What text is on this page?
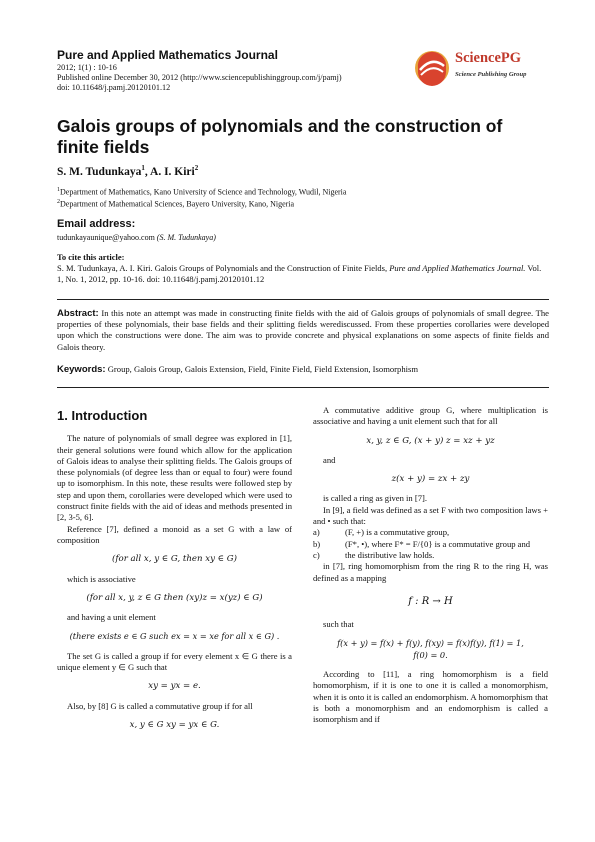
Pure and Applied Mathematics Journal
2012; 1(1) : 10-16
Published online December 30, 2012 (http://www.sciencepublishinggroup.com/j/pamj)
doi: 10.11648/j.pamj.20120101.12
SciencePG
Science Publishing Group
Galois groups of polynomials and the construction of finite fields
S. M. Tudunkaya$^1$, A. I. Kiri$^2$
$^1$Department of Mathematics, Kano University of Science and Technology, Wudil, Nigeria
$^2$Department of Mathematical Sciences, Bayero University, Kano, Nigeria
Email address:
tudunkayaunique@yahoo.com (S. M. Tudunkaya)
To cite this article:
S. M. Tudunkaya, A. I. Kiri. Galois Groups of Polynomials and the Construction of Finite Fields, Pure and Applied Mathematics Journal. Vol. 1, No. 1, 2012, pp. 10-16. doi: 10.11648/j.pamj.20120101.12
Abstract: In this note an attempt was made in constructing finite fields with the aid of Galois groups of polynomials of small degree. The properties of these polynomials, their base fields and their splitting fields werediscussed. From these properties corollaries were developed upon which the constructions were done. The aim was to provide concrete and physical explanations on some aspects of finite fields and Galois theory.
Keywords: Group, Galois Group, Galois Extension, Field, Finite Field, Field Extension, Isomorphism
1. Introduction

The nature of polynomials of small degree was explored in [1], their general solutions were found which allow for the application of Galois ideas to analyse their splitting fields. The Galois groups of these polynomials (of degree less than or equal to four) were found up to isomorphism. In this note, these results were followed step by step and upon them, corollaries were developed which were used to construct finite fields with the aid of ideas and methods presented in [2, 3-5, 6].

Reference [7], defined a monoid as a set G with a law of composition

(for all x, y ∈ G, then xy ∈ G)

which is associative

(for all x, y, z ∈ G then (xy)z = x(yz) ∈ G)

and having a unit element

(there exists e ∈ G such ex = x = xe for all x ∈ G) .

The set G is called a group if for every element x ∈ G there is a unique element y ∈ G such that

xy = yx = e.

Also, by [8] G is called a commutative group if for all

x, y ∈ G xy = yx ∈ G.

A commutative additive group G, where multiplication is associative and having a unit element such that for all

x, y, z ∈ G, (x + y) z = xz + yz

and

z(x + y) = zx + zy

is called a ring as given in [7].

In [9], a field was defined as a set F with two composition laws + and • such that:

a)	(F, +) is a commutative group,
b)	(F*, •), where F* = F/{0} is a commutative group and
c)	the distributive law holds.

in [7], ring homomorphism from the ring R to the ring H, was defined as a mapping

f : R → H

such that

f(x + y) = f(x) + f(y), f(xy) = f(x)f(y), f(1) = 1,
f(0) = 0.

According to [11], a ring homomorphism is a field homomorphism, if it is one to one it is called a monomorphism, when it is onto it is called an endomorphism. A homomorphism that is both a monomorphism and an endomorphism is called a isomorphism and if
